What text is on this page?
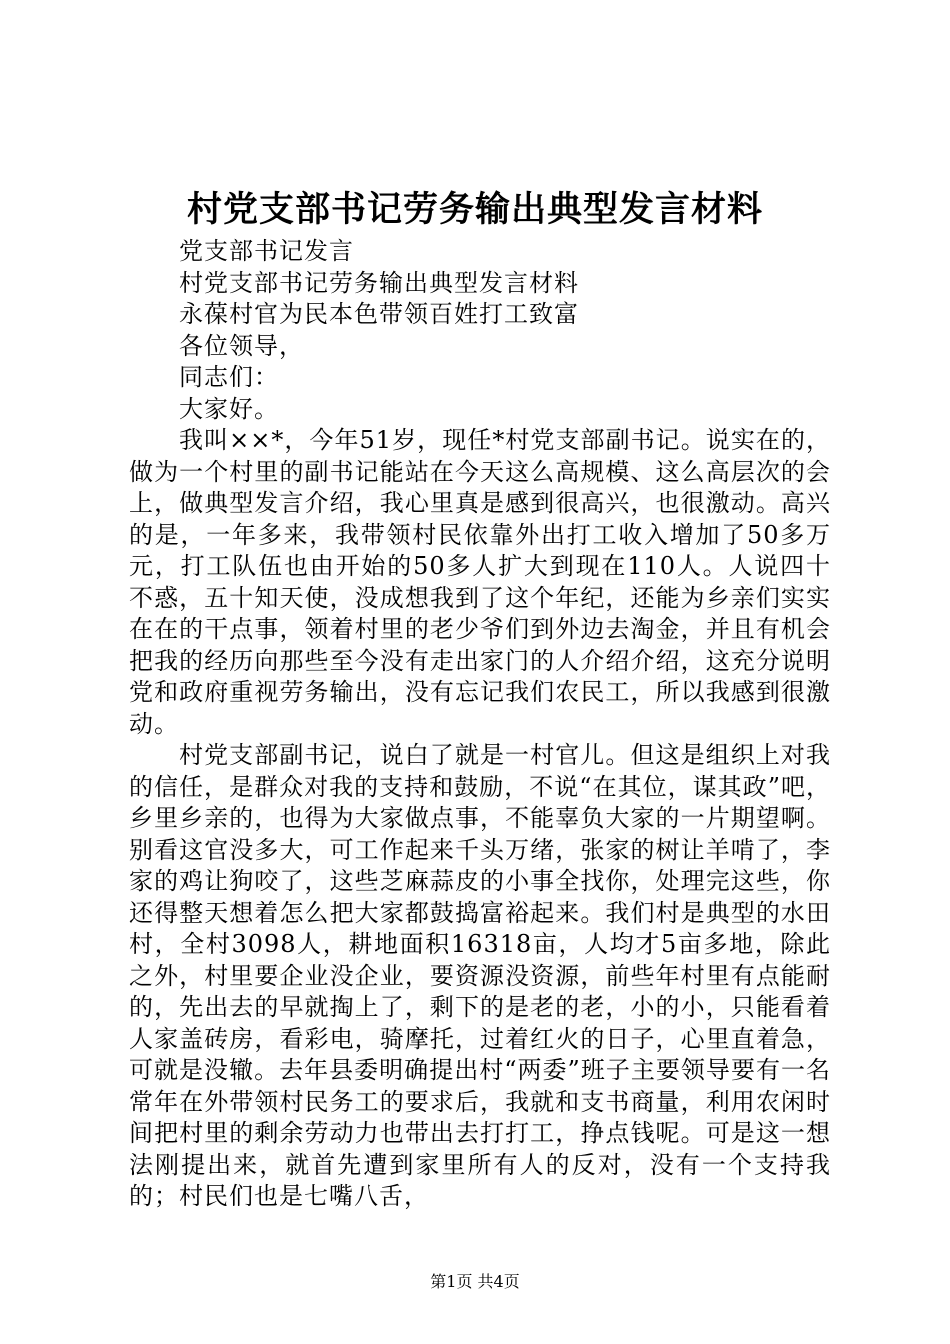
村党支部书记劳务输出典型发言材料
党支部书记发言
村党支部书记劳务输出典型发言材料
永葆村官为民本色带领百姓打工致富
各位领导，
同志们：
大家好。

我叫××*，今年51岁，现任*村党支部副书记。说实在的，做为一个村里的副书记能站在今天这么高规模、这么高层次的会上，做典型发言介绍，我心里真是感到很高兴，也很激动。高兴的是，一年多来，我带领村民依靠外出打工收入增加了50多万元，打工队伍也由开始的50多人扩大到现在110人。人说四十不惑，五十知天使，没成想我到了这个年纪，还能为乡亲们实实在在的干点事，领着村里的老少爷们到外边去淘金，并且有机会把我的经历向那些至今没有走出家门的人介绍介绍，这充分说明党和政府重视劳务输出，没有忘记我们农民工，所以我感到很激动。

村党支部副书记，说白了就是一村官儿。但这是组织上对我的信任，是群众对我的支持和鼓励，不说“在其位，谋其政”吧，乡里乡亲的，也得为大家做点事，不能辜负大家的一片期望啊。别看这官没多大，可工作起来千头万绪，张家的树让羊啃了，李家的鸡让狗咬了，这些芝麻蒜皮的小事全找你，处理完这些，你还得整天想着怎么把大家都鼓捣富裕起来。我们村是典型的水田村，全村3098人，耕地面积16318亩，人均才5亩多地，除此之外，村里要企业没企业，要资源没资源，前些年村里有点能耐的，先出去的早就掏上了，剩下的是老的老，小的小，只能看着人家盖砖房，看彩电，骑摩托，过着红火的日子，心里直着急，可就是没辙。去年县委明确提出村“两委”班子主要领导要有一名常年在外带领村民务工的要求后，我就和支书商量，利用农闲时间把村里的剩余劳动力也带出去打打工，挣点钱呢。可是这一想法刚提出来，就首先遭到家里所有人的反对，没有一个支持我的；村民们也是七嘴八舌，

第1页 共4页
